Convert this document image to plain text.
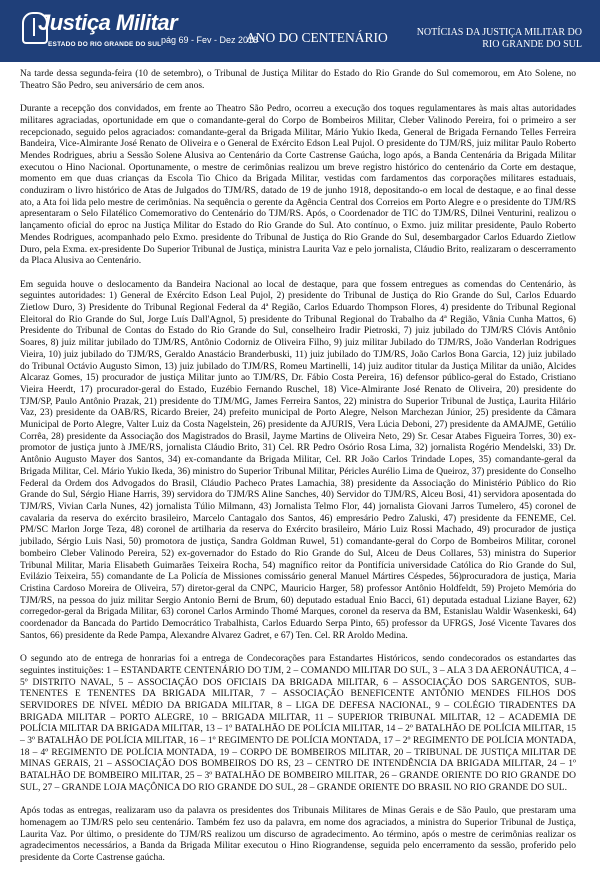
Justiça Militar
ESTADO DO RIO GRANDE DO SUL pág 69 - Fev - Dez 2018
ANO DO CENTENÁRIO	NOTÍCIAS DA JUSTIÇA MILITAR DO RIO GRANDE DO SUL

Na tarde dessa segunda-feira (10 de setembro), o Tribunal de Justiça Militar do Estado do Rio Grande do Sul comemorou, em Ato Solene, no Theatro São Pedro, seu aniversário de cem anos.

Durante a recepção dos convidados, em frente ao Theatro São Pedro, ocorreu a execução dos toques regulamentares às mais altas autoridades militares agraciadas, oportunidade em que o comandante-geral do Corpo de Bombeiros Militar, Cleber Valinodo Pereira, foi o primeiro a ser recepcionado, seguido pelos agraciados: comandante-geral da Brigada Militar, Mário Yukio Ikeda, General de Brigada Fernando Telles Ferreira Bandeira, Vice-Almirante José Renato de Oliveira e o General de Exército Edson Leal Pujol. O presidente do TJM/RS, juiz militar Paulo Roberto Mendes Rodrigues, abriu a Sessão Solene Alusiva ao Centenário da Corte Castrense Gaúcha, logo após, a Banda Centenária da Brigada Militar executou o Hino Nacional. Oportunamente, o mestre de cerimônias realizou um breve registro histórico do centenário da Corte em destaque, momento em que duas crianças da Escola Tio Chico da Brigada Militar, vestidas com fardamentos das corporações militares estaduais, conduziram o livro histórico de Atas de Julgados do TJM/RS, datado de 19 de junho 1918, depositando-o em local de destaque, e ao final desse ato, a Ata foi lida pelo mestre de cerimônias. Na sequência o gerente da Agência Central dos Correios em Porto Alegre e o presidente do TJM/RS apresentaram o Selo Filatélico Comemorativo do Centenário do TJM/RS. Após, o Coordenador de TIC do TJM/RS, Dilnei Venturini, realizou o lançamento oficial do eproc na Justiça Militar do Estado do Rio Grande do Sul. Ato contínuo, o Exmo. juiz militar presidente, Paulo Roberto Mendes Rodrigues, acompanhado pelo Exmo. presidente do Tribunal de Justiça do Rio Grande do Sul, desembargador Carlos Eduardo Zietlow Duro, pela Exma. ex-presidente Do Superior Tribunal de Justiça, ministra Laurita Vaz e pelo jornalista, Cláudio Brito, realizaram o descerramento da Placa Alusiva ao Centenário.

Em seguida houve o deslocamento da Bandeira Nacional ao local de destaque, para que fossem entregues as comendas do Centenário, às seguintes autoridades: 1) General de Exército Edson Leal Pujol, 2) presidente do Tribunal de Justiça do Rio Grande do Sul, Carlos Eduardo Zietlow Duro, 3) Presidente do Tribunal Regional Federal da 4ª Região, Carlos Eduardo Thompson Flores, 4) presidente do Tribunal Regional Eleitoral do Rio Grande do Sul, Jorge Luís Dall'Agnol, 5) presidente do Tribunal Regional do Trabalho da 4ª Região, Vânia Cunha Mattos, 6) Presidente do Tribunal de Contas do Estado do Rio Grande do Sul, conselheiro Iradir Pietroski, 7) juiz jubilado do TJM/RS Clóvis Antônio Soares, 8) juiz militar jubilado do TJM/RS, Antônio Codorniz de Oliveira Filho, 9) juiz militar Jubilado do TJM/RS, João Vanderlan Rodrigues Vieira, 10) juiz jubilado do TJM/RS, Geraldo Anastácio Branderbuski, 11) juiz jubilado do TJM/RS, João Carlos Bona Garcia, 12) juiz jubilado do Tribunal Octávio Augusto Simon, 13) juiz jubilado do TJM/RS, Romeu Martinelli, 14) juiz auditor titular da Justiça Militar da união, Alcides Alcaraz Gomes, 15) procurador de justiça Militar junto ao TJM/RS, Dr. Fábio Costa Pereira, 16) defensor público-geral do Estado, Cristiano Vieira Heerdt, 17) procurador-geral do Estado, Euzébio Fernando Ruschel, 18) Vice-Almirante José Renato de Oliveira, 20) presidente do TJM/SP, Paulo Antônio Prazak, 21) presidente do TJM/MG, James Ferreira Santos, 22) ministra do Superior Tribunal de Justiça, Laurita Hilário Vaz, 23) presidente da OAB/RS, Ricardo Breier, 24) prefeito municipal de Porto Alegre, Nelson Marchezan Júnior, 25) presidente da Câmara Municipal de Porto Alegre, Valter Luiz da Costa Nagelstein, 26) presidente da AJURIS, Vera Lúcia Deboni, 27) presidente da AMAJME, Getúlio Corrêa, 28) presidente da Associação dos Magistrados do Brasil, Jayme Martins de Oliveira Neto, 29) Sr. Cesar Atabes Figueira Torres, 30) ex-promotor de justiça junto à JME/RS, jornalista Cláudio Brito, 31) Cel. RR Pedro Osório Rosa Lima, 32) jornalista Rogério Mendelski, 33) Dr. Antônio Augusto Mayer dos Santos, 34) ex-comandante da Brigada Militar, Cel. RR João Carlos Trindade Lopes, 35) comandante-geral da Brigada Militar, Cel. Mário Yukio Ikeda, 36) ministro do Superior Tribunal Militar, Péricles Aurélio Lima de Queiroz, 37) presidente do Conselho Federal da Ordem dos Advogados do Brasil, Cláudio Pacheco Prates Lamachia, 38) presidente da Associação do Ministério Público do Rio Grande do Sul, Sérgio Hiane Harris, 39) servidora do TJM/RS Aline Sanches, 40) Servidor do TJM/RS, Alceu Bosi, 41) servidora aposentada do TJM/RS, Vivian Carla Nunes, 42) jornalista Túlio Milmann, 43) Jornalista Telmo Flor, 44) jornalista Giovani Jarros Tumelero, 45) coronel de cavalaria da reserva do exército brasileiro, Marcelo Cantagalo dos Santos, 46) empresário Pedro Zaluski, 47) presidente da FENEME, Cel. PM/SC Marlon Jorge Teza, 48) coronel de artilharia da reserva do Exército brasileiro, Mário Luiz Rossi Machado, 49) procurador de justiça jubilado, Sérgio Luis Nasi, 50) promotora de justiça, Sandra Goldman Ruwel, 51) comandante-geral do Corpo de Bombeiros Militar, coronel bombeiro Cleber Valinodo Pereira, 52) ex-governador do Estado do Rio Grande do Sul, Alceu de Deus Collares, 53) ministra do Superior Tribunal Militar, Maria Elisabeth Guimarães Teixeira Rocha, 54) magnífico reitor da Pontifícia universidade Católica do Rio Grande do Sul, Evilázio Teixeira, 55) comandante de La Policía de Missiones comissário general Manuel Mártires Céspedes, 56)procuradora de justiça, Maria Cristina Cardoso Moreira de Oliveira, 57) diretor-geral da CNPC, Mauricio Harger, 58) professor Antônio Holdfeldt, 59) Projeto Memória do TJM/RS, na pessoa do juiz militar Sergio Antonio Berni de Brum, 60) deputado estadual Enio Bacci, 61) deputada estadual Liziane Bayer, 62) corregedor-geral da Brigada Militar, 63) coronel Carlos Armindo Thomé Marques, coronel da reserva da BM, Estanislau Waldir Wasenkeski, 64) coordenador da Bancada do Partido Democrático Trabalhista, Carlos Eduardo Serpa Pinto, 65) professor da UFRGS, José Vicente Tavares dos Santos, 66) presidente da Rede Pampa, Alexandre Alvarez Gadret, e 67) Ten. Cel. RR Aroldo Medina.

O segundo ato de entrega de honrarias foi a entrega de Condecorações para Estandartes Históricos, sendo condecorados os estandartes das seguintes instituições: 1 – ESTANDARTE CENTENÁRIO DO TJM, 2 – COMANDO MILITAR DO SUL, 3 – ALA 3 DA AERONÁUTICA, 4 – 5º DISTRITO NAVAL, 5 – ASSOCIAÇÃO DOS OFICIAIS DA BRIGADA MILITAR, 6 – ASSOCIAÇÃO DOS SARGENTOS, SUB-TENENTES E TENENTES DA BRIGADA MILITAR, 7 – ASSOCIAÇÃO BENEFICENTE ANTÔNIO MENDES FILHOS DOS SERVIDORES DE NÍVEL MÉDIO DA BRIGADA MILITAR, 8 – LIGA DE DEFESA NACIONAL, 9 – COLÉGIO TIRADENTES DA BRIGADA MILITAR – PORTO ALEGRE, 10 – BRIGADA MILITAR, 11 – SUPERIOR TRIBUNAL MILITAR, 12 – ACADEMIA DE POLÍCIA MILITAR DA BRIGADA MILITAR, 13 – 1º BATALHÃO DE POLÍCIA MILITAR, 14 – 2º BATALHÃO DE POLÍCIA MILITAR, 15 – 3º BATALHÃO DE POLÍCIA MILITAR, 16 – 1º REGIMENTO DE POLÍCIA MONTADA, 17 – 2º REGIMENTO DE POLÍCIA MONTADA, 18 – 4º REGIMENTO DE POLÍCIA MONTADA, 19 – CORPO DE BOMBEIROS MILITAR, 20 – TRIBUNAL DE JUSTIÇA MILITAR DE MINAS GERAIS, 21 – ASSOCIAÇÃO DOS BOMBEIROS DO RS, 23 – CENTRO DE INTENDÊNCIA DA BRIGADA MILITAR, 24 – 1º BATALHÃO DE BOMBEIRO MILITAR, 25 – 3º BATALHÃO DE BOMBEIRO MILITAR, 26 – GRANDE ORIENTE DO RIO GRANDE DO SUL, 27 – GRANDE LOJA MAÇÔNICA DO RIO GRANDE DO SUL, 28 – GRANDE ORIENTE DO BRASIL NO RIO GRANDE DO SUL.

Após todas as entregas, realizaram uso da palavra os presidentes dos Tribunais Militares de Minas Gerais e de São Paulo, que prestaram uma homenagem ao TJM/RS pelo seu centenário. Também fez uso da palavra, em nome dos agraciados, a ministra do Superior Tribunal de Justiça, Laurita Vaz. Por último, o presidente do TJM/RS realizou um discurso de agradecimento. Ao término, após o mestre de cerimônias realizar os agradecimentos necessários, a Banda da Brigada Militar executou o Hino Riograndense, seguida pelo encerramento da sessão, proferido pelo presidente da Corte Castrense gaúcha.
